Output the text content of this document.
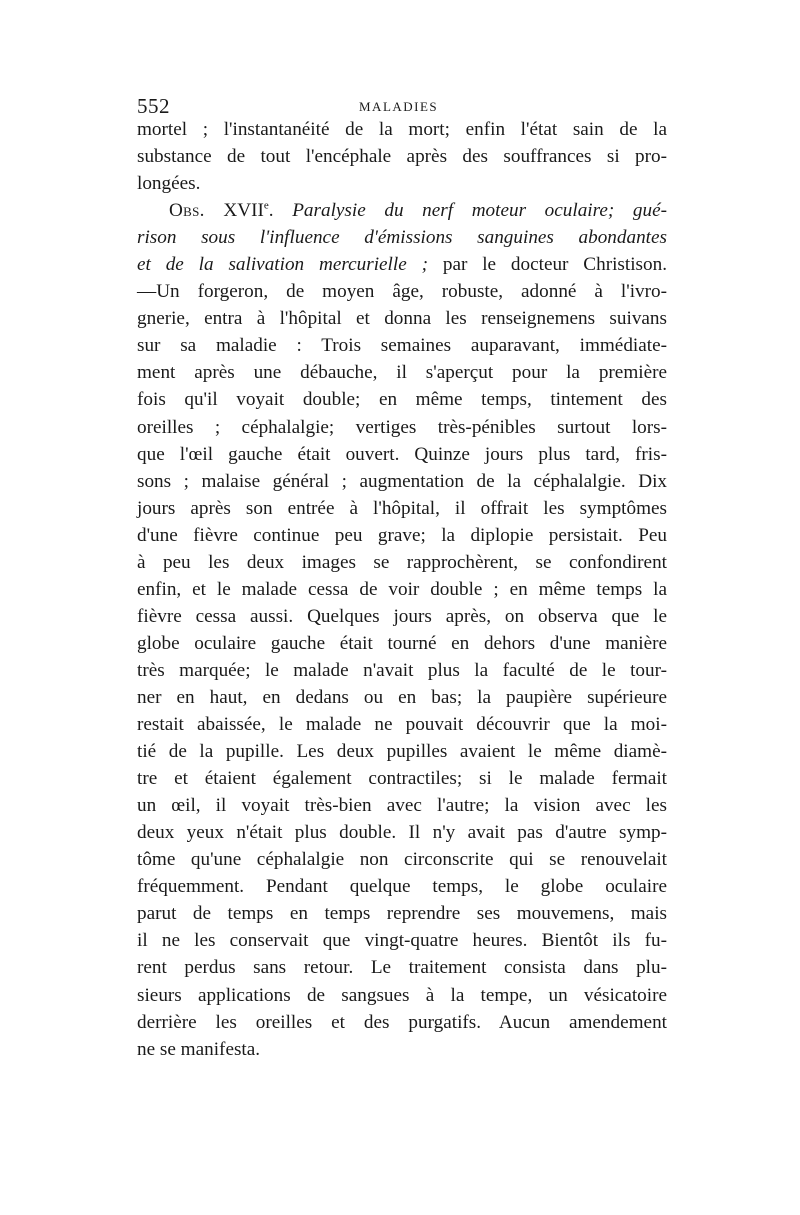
552	MALADIES
mortel ; l'instantanéité de la mort; enfin l'état sain de la
substance de tout l'encéphale après des souffrances si pro-
longées.
Obs. XVIIe. Paralysie du nerf moteur oculaire; gué-
rison sous l'influence d'émissions sanguines abondantes
et de la salivation mercurielle ; par le docteur Christison.
—Un forgeron, de moyen âge, robuste, adonné à l'ivro-
gnerie, entra à l'hôpital et donna les renseignemens suivans
sur sa maladie : Trois semaines auparavant, immédiate-
ment après une débauche, il s'aperçut pour la première
fois qu'il voyait double; en même temps, tintement des
oreilles ; céphalalgie; vertiges très-pénibles surtout lors-
que l'œil gauche était ouvert. Quinze jours plus tard, fris-
sons ; malaise général ; augmentation de la céphalalgie. Dix
jours après son entrée à l'hôpital, il offrait les symptômes
d'une fièvre continue peu grave; la diplopie persistait. Peu
à peu les deux images se rapprochèrent, se confondirent
enfin, et le malade cessa de voir double ; en même temps la
fièvre cessa aussi. Quelques jours après, on observa que le
globe oculaire gauche était tourné en dehors d'une manière
très marquée; le malade n'avait plus la faculté de le tour-
ner en haut, en dedans ou en bas; la paupière supérieure
restait abaissée, le malade ne pouvait découvrir que la moi-
tié de la pupille. Les deux pupilles avaient le même diamè-
tre et étaient également contractiles; si le malade fermait
un œil, il voyait très-bien avec l'autre; la vision avec les
deux yeux n'était plus double. Il n'y avait pas d'autre symp-
tôme qu'une céphalalgie non circonscrite qui se renouvelait
fréquemment. Pendant quelque temps, le globe oculaire
parut de temps en temps reprendre ses mouvemens, mais
il ne les conservait que vingt-quatre heures. Bientôt ils fu-
rent perdus sans retour. Le traitement consista dans plu-
sieurs applications de sangsues à la tempe, un vésicatoire
derrière les oreilles et des purgatifs. Aucun amendement
ne se manifesta.
